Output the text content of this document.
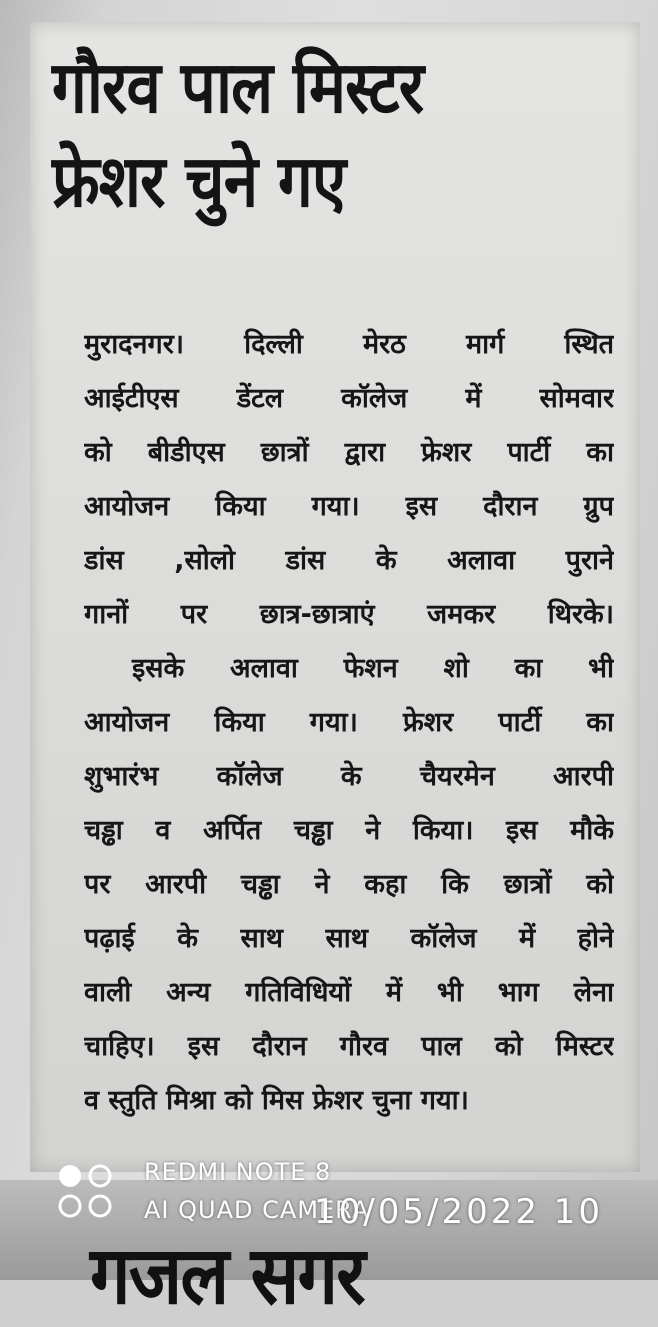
गौरव पाल मिस्टर
फ्रेशर चुने गए
मुरादनगर। दिल्ली मेरठ मार्ग स्थित
आईटीएस डेंटल कॉलेज में सोमवार
को बीडीएस छात्रों द्वारा फ्रेशर पार्टी का
आयोजन किया गया। इस दौरान ग्रुप
डांस ,सोलो डांस के अलावा पुराने
गानों पर छात्र-छात्राएं जमकर थिरके।
इसके अलावा फेशन शो का भी
आयोजन किया गया। फ्रेशर पार्टी का
शुभारंभ कॉलेज के चैयरमेन आरपी
चड्ढा व अर्पित चड्ढा ने किया। इस मौके
पर आरपी चड्ढा ने कहा कि छात्रों को
पढ़ाई के साथ साथ कॉलेज में होने
वाली अन्य गतिविधियों में भी भाग लेना
चाहिए। इस दौरान गौरव पाल को मिस्टर
व स्तुति मिश्रा को मिस फ्रेशर चुना गया।
गजल सगर
REDMI NOTE 8
AI QUAD CAMERA
10/05/2022 10
